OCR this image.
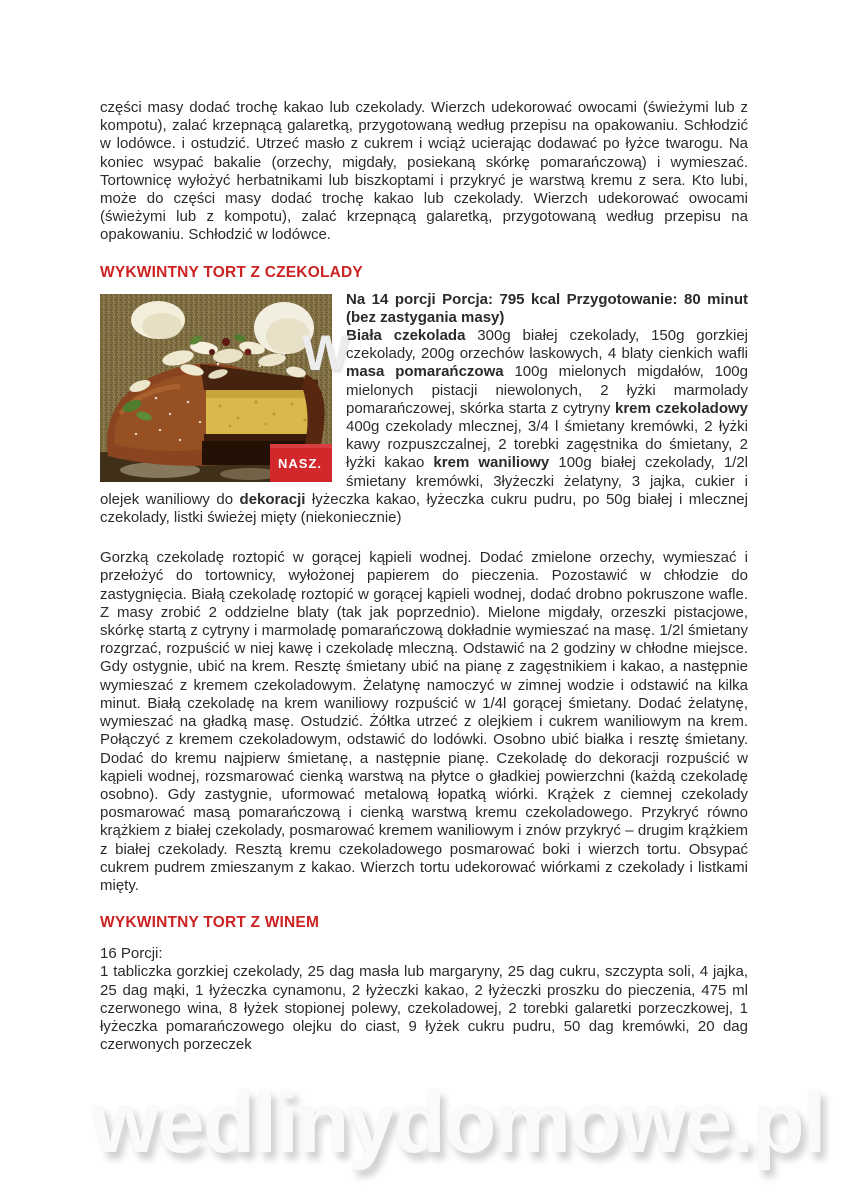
części masy dodać trochę kakao lub czekolady. Wierzch udekorować owocami (świeżymi lub z kompotu), zalać krzepnącą galaretką, przygotowaną według przepisu na opakowaniu. Schłodzić w lodówce. i ostudzić. Utrzeć masło z cukrem i wciąż ucierając dodawać po łyżce twarogu. Na koniec wsypać bakalie (orzechy, migdały, posiekaną skórkę pomarańczową) i wymieszać. Tortownicę wyłożyć herbatnikami lub biszkoptami i przykryć je warstwą kremu z sera. Kto lubi, może do części masy dodać trochę kakao lub czekolady. Wierzch udekorować owocami (świeżymi lub z kompotu), zalać krzepnącą galaretką, przygotowaną według przepisu na opakowaniu. Schłodzić w lodówce.

WYKWINTNY TORT Z CZEKOLADY
NASZ.
W

Na 14 porcji Porcja: 795 kcal Przygotowanie: 80 minut (bez zastygania masy)
Biała czekolada 300g białej czekolady, 150g gorzkiej czekolady, 200g orzechów laskowych, 4 blaty cienkich wafli masa pomarańczowa 100g mielonych migdałów, 100g mielonych pistacji niewolonych, 2 łyżki marmolady pomarańczowej, skórka starta z cytryny krem czekoladowy 400g czekolady mlecznej, 3/4 l śmietany kremówki, 2 łyżki kawy rozpuszczalnej, 2 torebki zagęstnika do śmietany, 2 łyżki kakao krem waniliowy 100g białej czekolady, 1/2l śmietany kremówki, 3łyżeczki żelatyny, 3 jajka, cukier i olejek waniliowy do dekoracji łyżeczka kakao, łyżeczka cukru pudru, po 50g białej i mlecznej czekolady, listki świeżej mięty (niekoniecznie)

Gorzką czekoladę roztopić w gorącej kąpieli wodnej. Dodać zmielone orzechy, wymieszać i przełożyć do tortownicy, wyłożonej papierem do pieczenia. Pozostawić w chłodzie do zastygnięcia. Białą czekoladę roztopić w gorącej kąpieli wodnej, dodać drobno pokruszone wafle. Z masy zrobić 2 oddzielne blaty (tak jak poprzednio). Mielone migdały, orzeszki pistacjowe, skórkę startą z cytryny i marmoladę pomarańczową dokładnie wymieszać na masę. 1/2l śmietany rozgrzać, rozpuścić w niej kawę i czekoladę mleczną. Odstawić na 2 godziny w chłodne miejsce. Gdy ostygnie, ubić na krem. Resztę śmietany ubić na pianę z zagęstnikiem i kakao, a następnie wymieszać z kremem czekoladowym. Żelatynę namoczyć w zimnej wodzie i odstawić na kilka minut. Białą czekoladę na krem waniliowy rozpuścić w 1/4l gorącej śmietany. Dodać żelatynę, wymieszać na gładką masę. Ostudzić. Żółtka utrzeć z olejkiem i cukrem waniliowym na krem. Połączyć z kremem czekoladowym, odstawić do lodówki. Osobno ubić białka i resztę śmietany. Dodać do kremu najpierw śmietanę, a następnie pianę. Czekoladę do dekoracji rozpuścić w kąpieli wodnej, rozsmarować cienką warstwą na płytce o gładkiej powierzchni (każdą czekoladę osobno). Gdy zastygnie, uformować metalową łopatką wiórki. Krążek z ciemnej czekolady posmarować masą pomarańczową i cienką warstwą kremu czekoladowego. Przykryć równo krążkiem z białej czekolady, posmarować kremem waniliowym i znów przykryć – drugim krążkiem z białej czekolady. Resztą kremu czekoladowego posmarować boki i wierzch tortu. Obsypać cukrem pudrem zmieszanym z kakao. Wierzch tortu udekorować wiórkami z czekolady i listkami mięty.

WYKWINTNY TORT Z WINEM

16 Porcji:
1 tabliczka gorzkiej czekolady, 25 dag masła lub margaryny, 25 dag cukru, szczypta soli, 4 jajka, 25 dag mąki, 1 łyżeczka cynamonu, 2 łyżeczki kakao, 2 łyżeczki proszku do pieczenia, 475 ml czerwonego wina, 8 łyżek stopionej polewy, czekoladowej, 2 torebki galaretki porzeczkowej, 1 łyżeczka pomarańczowego olejku do ciast, 9 łyżek cukru pudru, 50 dag kremówki, 20 dag czerwonych porzeczek

wedlinydomowe.pl
